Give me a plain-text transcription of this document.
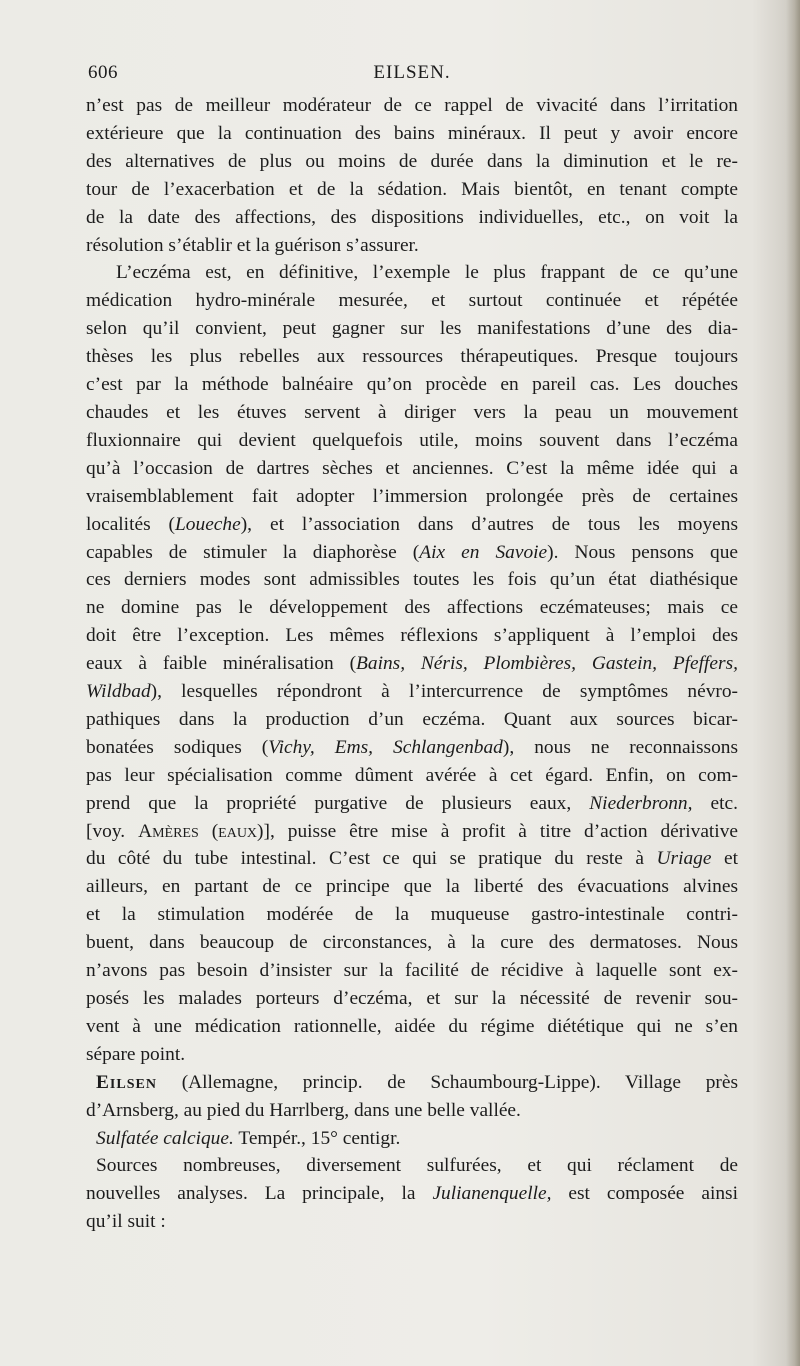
606	EILSEN.

n’est pas de meilleur modérateur de ce rappel de vivacité dans l’irritation

extérieure que la continuation des bains minéraux. Il peut y avoir encore

des alternatives de plus ou moins de durée dans la diminution et le re-

tour de l’exacerbation et de la sédation. Mais bientôt, en tenant compte

de la date des affections, des dispositions individuelles, etc., on voit la

résolution s’établir et la guérison s’assurer.

L’eczéma est, en définitive, l’exemple le plus frappant de ce qu’une

médication hydro-minérale mesurée, et surtout continuée et répétée

selon qu’il convient, peut gagner sur les manifestations d’une des dia-

thèses les plus rebelles aux ressources thérapeutiques. Presque toujours

c’est par la méthode balnéaire qu’on procède en pareil cas. Les douches

chaudes et les étuves servent à diriger vers la peau un mouvement

fluxionnaire qui devient quelquefois utile, moins souvent dans l’eczéma

qu’à l’occasion de dartres sèches et anciennes. C’est la même idée qui a

vraisemblablement fait adopter l’immersion prolongée près de certaines

localités (Loueche), et l’association dans d’autres de tous les moyens

capables de stimuler la diaphorèse (Aix en Savoie). Nous pensons que

ces derniers modes sont admissibles toutes les fois qu’un état diathésique

ne domine pas le développement des affections eczémateuses; mais ce

doit être l’exception. Les mêmes réflexions s’appliquent à l’emploi des

eaux à faible minéralisation (Bains, Néris, Plombières, Gastein, Pfeffers,

Wildbad), lesquelles répondront à l’intercurrence de symptômes névro-

pathiques dans la production d’un eczéma. Quant aux sources bicar-

bonatées sodiques (Vichy, Ems, Schlangenbad), nous ne reconnaissons

pas leur spécialisation comme dûment avérée à cet égard. Enfin, on com-

prend que la propriété purgative de plusieurs eaux, Niederbronn, etc.

[voy. Amères (eaux)], puisse être mise à profit à titre d’action dérivative

du côté du tube intestinal. C’est ce qui se pratique du reste à Uriage et

ailleurs, en partant de ce principe que la liberté des évacuations alvines

et la stimulation modérée de la muqueuse gastro-intestinale contri-

buent, dans beaucoup de circonstances, à la cure des dermatoses. Nous

n’avons pas besoin d’insister sur la facilité de récidive à laquelle sont ex-

posés les malades porteurs d’eczéma, et sur la nécessité de revenir sou-

vent à une médication rationnelle, aidée du régime diététique qui ne s’en

sépare point.

Eilsen (Allemagne, princip. de Schaumbourg-Lippe). Village près

d’Arnsberg, au pied du Harrlberg, dans une belle vallée.

Sulfatée calcique. Tempér., 15° centigr.

Sources nombreuses, diversement sulfurées, et qui réclament de

nouvelles analyses. La principale, la Julianenquelle, est composée ainsi

qu’il suit :
